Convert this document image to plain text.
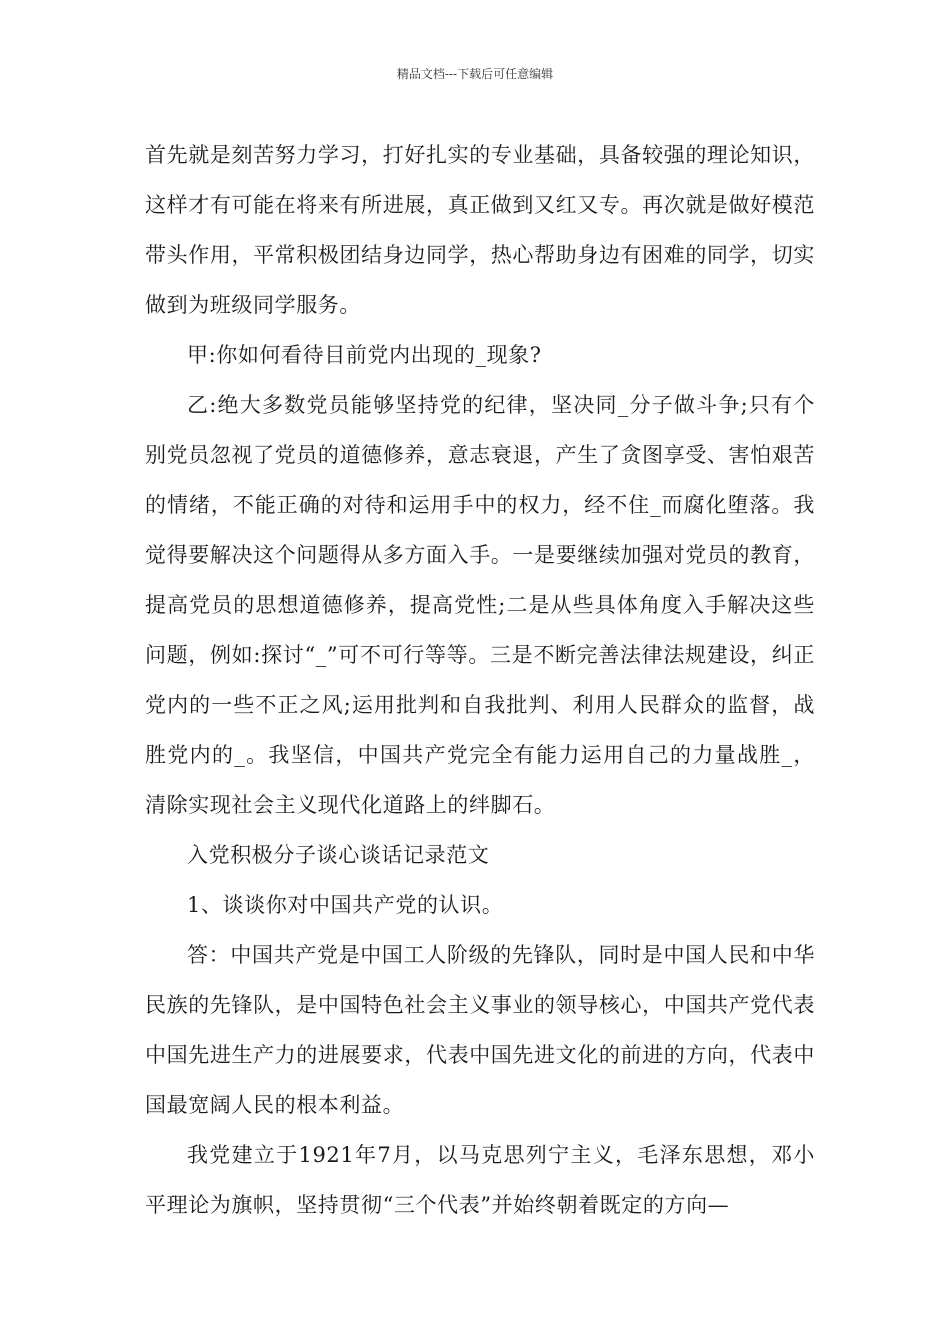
精品文档---下载后可任意编辑

首先就是刻苦努力学习，打好扎实的专业基础，具备较强的理论知识，这样才有可能在将来有所进展，真正做到又红又专。再次就是做好模范带头作用，平常积极团结身边同学，热心帮助身边有困难的同学，切实做到为班级同学服务。

甲:你如何看待目前党内出现的_现象?

乙:绝大多数党员能够坚持党的纪律，坚决同_分子做斗争;只有个别党员忽视了党员的道德修养，意志衰退，产生了贪图享受、害怕艰苦的情绪，不能正确的对待和运用手中的权力，经不住_而腐化堕落。我觉得要解决这个问题得从多方面入手。一是要继续加强对党员的教育，提高党员的思想道德修养，提高党性;二是从些具体角度入手解决这些问题，例如:探讨“_”可不可行等等。三是不断完善法律法规建设，纠正党内的一些不正之风;运用批判和自我批判、利用人民群众的监督，战胜党内的_。我坚信，中国共产党完全有能力运用自己的力量战胜_，清除实现社会主义现代化道路上的绊脚石。

入党积极分子谈心谈话记录范文

1、谈谈你对中国共产党的认识。

答：中国共产党是中国工人阶级的先锋队，同时是中国人民和中华民族的先锋队，是中国特色社会主义事业的领导核心，中国共产党代表中国先进生产力的进展要求，代表中国先进文化的前进的方向，代表中国最宽阔人民的根本利益。

我党建立于1921年7月，以马克思列宁主义，毛泽东思想，邓小平理论为旗帜，坚持贯彻“三个代表”并始终朝着既定的方向—
